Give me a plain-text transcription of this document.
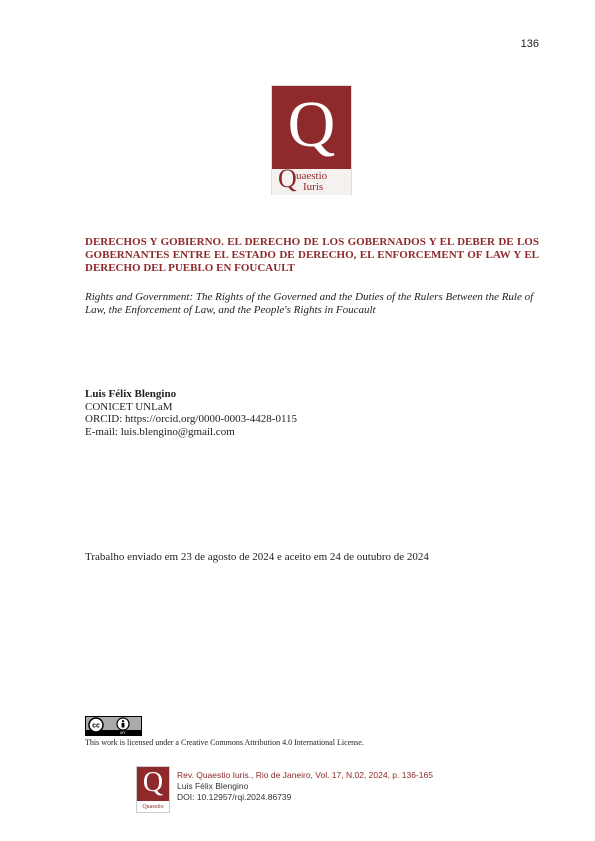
136
Q
Q uaestio
Iuris
DERECHOS Y GOBIERNO. EL DERECHO DE LOS GOBERNADOS Y EL DEBER DE LOS GOBERNANTES ENTRE EL ESTADO DE DERECHO, EL ENFORCEMENT OF LAW Y EL DERECHO DEL PUEBLO EN FOUCAULT
Rights and Government: The Rights of the Governed and the Duties of the Rulers Between the Rule of Law, the Enforcement of Law, and the People's Rights in Foucault
Luis Félix Blengino
CONICET UNLaM
ORCID: https://orcid.org/0000-0003-4428-0115
E-mail: luis.blengino@gmail.com
Trabalho enviado em 23 de agosto de 2024 e aceito em 24 de outubro de 2024
cc
BY
This work is licensed under a Creative Commons Attribution 4.0 International License.
Q
Quaestio
Rev. Quaestio Iuris., Rio de Janeiro, Vol. 17, N.02, 2024, p. 136-165
Luis Félix Blengino
DOI: 10.12957/rqi.2024.86739
